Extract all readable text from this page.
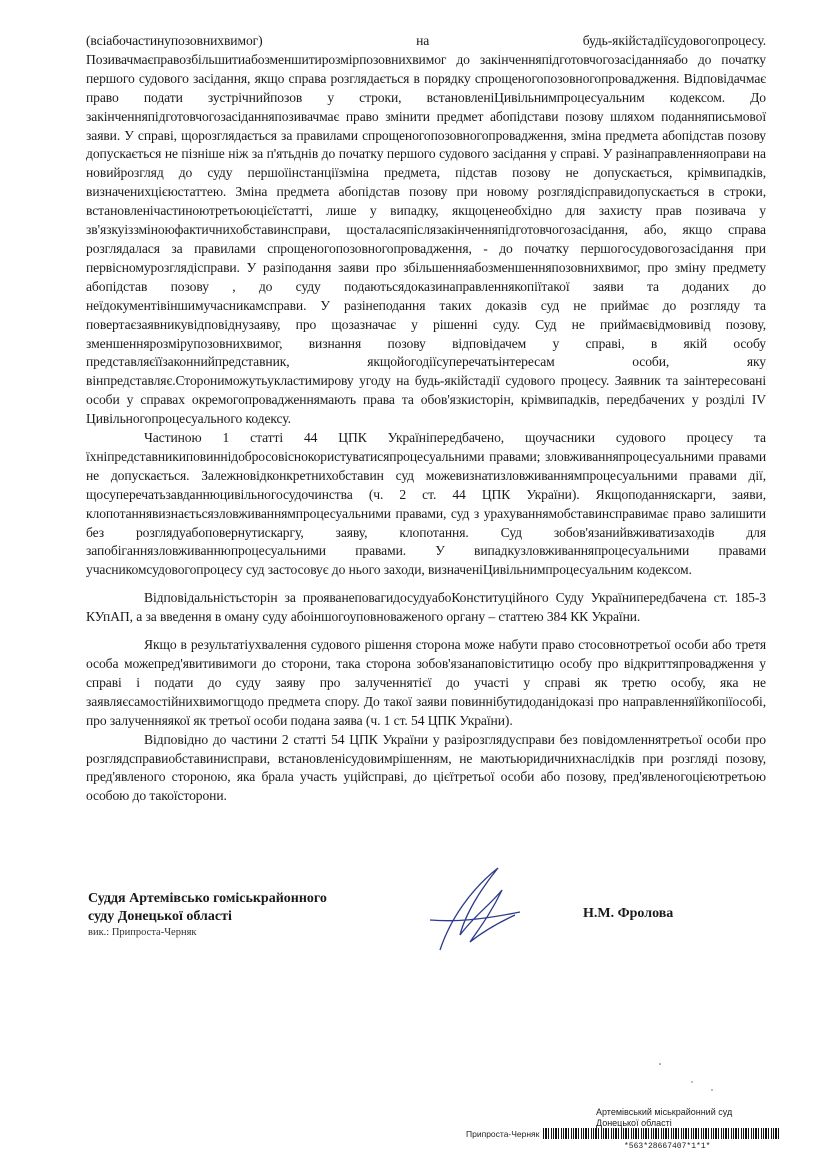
(всіабочастинупозовнихвимог) на будь-якійстадіїсудовогопроцесу. Позивачмаєправозбільшитиабозменшитирозмірпозовнихвимог до закінченняпідготовчогозасіданняабо до початку першого судового засідання, якщо справа розглядається в порядку спрощеногопозовногопровадження. Відповідачмає право подати зустрічнийпозов у строки, встановленіЦивільнимпроцесуальним кодексом. До закінченняпідготовчогозасіданняпозивачмає право змінити предмет абопідстави позову шляхом поданняписьмової заяви. У справі, щорозглядається за правилами спрощеногопозовногопровадження, зміна предмета абопідстав позову допускається не пізніше ніж за п'ятьднів до початку першого судового засідання у справі. У разінаправленняоправи на новийрозгляд до суду першоїінстанціїзміна предмета, підстав позову не допускається, крімвипадків, визначенихцієюстаттею. Зміна предмета абопідстав позову при новому розглядісправидопускається в строки, встановленічастиноютретьоюцієїстатті, лише у випадку, якщоценеобхідно для захисту прав позивача у зв'язкуіззміноюфактичнихобставинсправи, щосталасяпіслязакінченняпідготовчогозасідання, або, якщо справа розглядалася за правилами спрощеногопозовногопровадження, - до початку першогосудовогозасідання при первісномурозглядісправи. У разіподання заяви про збільшенняабозменшенняпозовнихвимог, про зміну предмету абопідстав позову , до суду подаютьсядоказинаправленнякопіїтакої заяви та доданих до неїдокументівіншимучасникамсправи. У разінеподання таких доказів суд не приймає до розгляду та повертаєзаявникувідповіднузаяву, про щозазначає у рішенні суду. Суд не приймаєвідмовивід позову, зменшеннярозмірупозовнихвимог, визнання позову відповідачем у справі, в якій особу представляєїїзаконнийпредставник, якщойогодіїсуперечатьінтересам особи, яку вінпредставляє.Сторониможутьукластимирову угоду на будь-якійстадії судового процесу. Заявник та заінтересовані особи у справах окремогопровадженнямають права та обов'язкисторін, крімвипадків, передбачених у розділі IV Цивільногопроцесуального кодексу.

Частиною 1 статті 44 ЦПК Україніпередбачено, щоучасники судового процесу та їхніпредставникиповиннідобросовіснокористуватисяпроцесуальними правами; зловживанняпроцесуальними правами не допускається. Залежновідконкретнихобставин суд можевизнатизловживаннямпроцесуальними правами дії, щосуперечатьзавданнюцивільногосудочинства (ч. 2 ст. 44 ЦПК України). Якщоподанняскарги, заяви, клопотаннявизнаєтьсязловживаннямпроцесуальними правами, суд з урахуваннямобставинсправимає право залишити без розглядуабоповернутискаргу, заяву, клопотання. Суд зобов'язанийвживатизаходів для запобіганнязловживаннюпроцесуальними правами. У випадкузловживанняпроцесуальними правами учасникомсудовогопроцесу суд застосовує до нього заходи, визначеніЦивільнимпроцесуальним кодексом.

Відповідальністьсторін за прояванеповагидосудуабоКонституційного Суду Українипередбачена ст. 185-3 КУпАП, а за введення в оману суду абоіншогоуповноваженого органу – статтею 384 КК України.

Якщо в результатіухвалення судового рішення сторона може набути право стосовнотретьої особи або третя особа можепред'явитивимоги до сторони, така сторона зобов'язанаповіститицю особу про відкриттяпровадження у справі і подати до суду заяву про залученнятієї до участі у справі як третю особу, яка не заявляєсамостійнихвимогщодо предмета спору. До такої заяви повиннібутидоданідоказі про направленняїйкопіїособі, про залученняякої як третьої особи подана заява (ч. 1 ст. 54 ЦПК України).

Відповідно до частини 2 статті 54 ЦПК України у разірозглядусправи без повідомленнятретьої особи про розглядсправиобставинисправи, встановленісудовимрішенням, не маютьюридичнихнаслідків при розгляді позову, пред'явленого стороною, яка брала участь уційсправі, до цієїтретьої особи або позову, пред'явленогоцієютретьою особою до такоїсторони.

Суддя Артемівсько гоміськрайонного
суду Донецької області
вик.: Припроста-Черняк
Н.М. Фролова
Артемівський міськрайонний суд
Донецької області
Припроста-Черняк
*563*28667407*1*1*
